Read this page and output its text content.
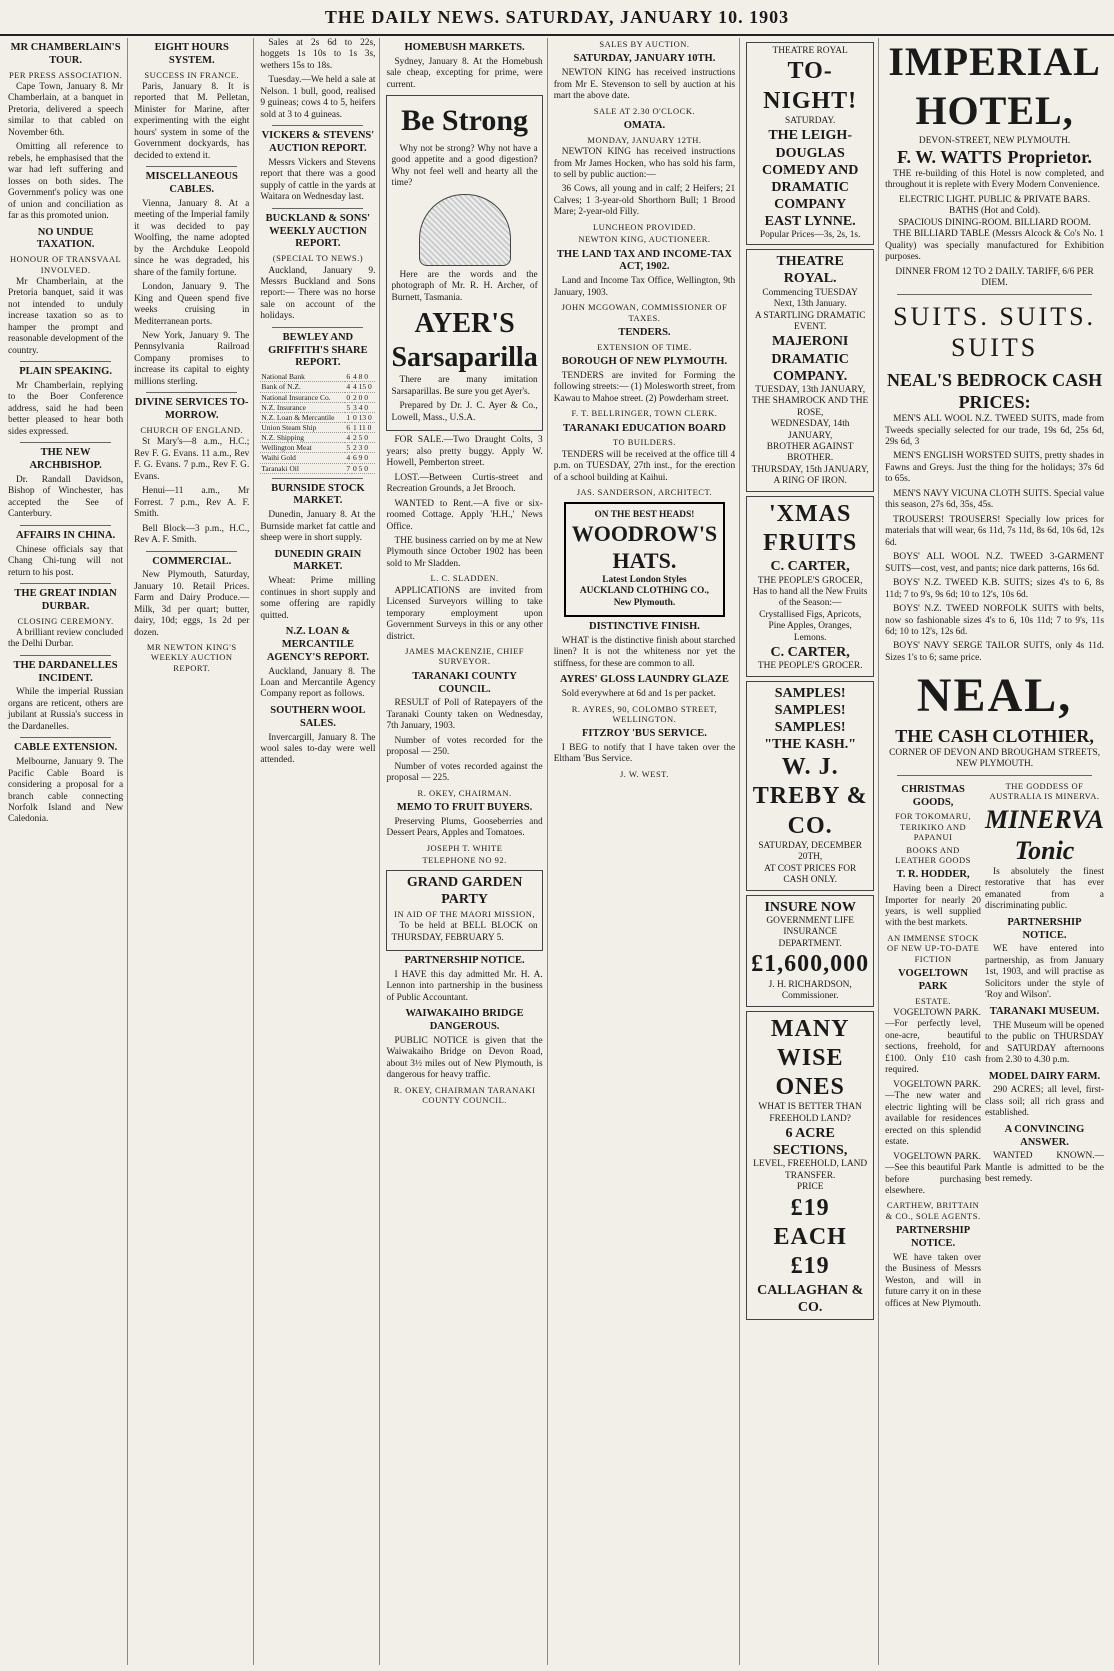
THE DAILY NEWS. SATURDAY, JANUARY 10. 1903
MR CHAMBERLAIN'S TOUR.
PER PRESS ASSOCIATION.

Cape Town, January 8. Mr Chamberlain, at a banquet in Pretoria, delivered a speech similar to that cabled on November 6th.

Omitting all reference to rebels, he emphasised that the war had left suffering and losses on both sides. The Government's policy was one of union and conciliation as far as this promoted union.

NO UNDUE TAXATION.
HONOUR OF TRANSVAAL INVOLVED.

Mr Chamberlain, at the Pretoria banquet, said it was not intended to unduly increase taxation so as to hamper the prompt and reasonable development of the country.

PLAIN SPEAKING.

Mr Chamberlain, replying to the Boer Conference address, said he had been better pleased to hear both sides expressed.

THE NEW ARCHBISHOP.

Dr. Randall Davidson, Bishop of Winchester, has accepted the See of Canterbury.

AFFAIRS IN CHINA.

Chinese officials say that Chang Chi-tung will not return to his post.

THE GREAT INDIAN DURBAR.
CLOSING CEREMONY.

A brilliant review concluded the Delhi Durbar.

THE DARDANELLES INCIDENT.

While the imperial Russian organs are reticent, others are jubilant at Russia's success in the Dardanelles.

CABLE EXTENSION.

Melbourne, January 9. The Pacific Cable Board is considering a proposal for a branch cable connecting Norfolk Island and New Caledonia.

EIGHT HOURS SYSTEM.
SUCCESS IN FRANCE.

Paris, January 8. It is reported that M. Pelletan, Minister for Marine, after experimenting with the eight hours' system in some of the Government dockyards, has decided to extend it.

MISCELLANEOUS CABLES.

Vienna, January 8. At a meeting of the Imperial family it was decided to pay Woolfing, the name adopted by the Archduke Leopold since he was degraded, his share of the family fortune.

London, January 9. The King and Queen spend five weeks cruising in Mediterranean ports.

New York, January 9. The Pennsylvania Railroad Company promises to increase its capital to eighty millions sterling.

DIVINE SERVICES TO-MORROW.
CHURCH OF ENGLAND.

St Mary's—8 a.m., H.C.; Rev F. G. Evans. 11 a.m., Rev F. G. Evans. 7 p.m., Rev F. G. Evans.

Henui—11 a.m., Mr Forrest. 7 p.m., Rev A. F. Smith.

Bell Block—3 p.m., H.C., Rev A. F. Smith.

COMMERCIAL.

New Plymouth, Saturday, January 10. Retail Prices. Farm and Dairy Produce.—Milk, 3d per quart; butter, dairy, 10d; eggs, 1s 2d per dozen.

MR NEWTON KING'S WEEKLY AUCTION REPORT.

Sales at 2s 6d to 22s, hoggets 1s 10s to 1s 3s, wethers 15s to 18s.

Tuesday.—We held a sale at Nelson. 1 bull, good, realised 9 guineas; cows 4 to 5, heifers sold at 3 to 4 guineas.

VICKERS & STEVENS' AUCTION REPORT.

Messrs Vickers and Stevens report that there was a good supply of cattle in the yards at Waitara on Wednesday last.

BUCKLAND & SONS' WEEKLY AUCTION REPORT.
(SPECIAL TO NEWS.)

Auckland, January 9. Messrs Buckland and Sons report:— There was no horse sale on account of the holidays.

BEWLEY AND GRIFFITH'S SHARE REPORT.
National Bank	6	4 8 0
Bank of N.Z.	4	4 15 0
National Insurance Co.	0	2 0 0
N.Z. Insurance	5	3 4 0
N.Z. Loan & Mercantile	1	0 13 0
Union Steam Ship	6	1 11 0
N.Z. Shipping	4	2 5 0
Wellington Meat	5	2 3 0
Waihi Gold	4	6 9 0
Taranaki Oil	7	0 5 0
BURNSIDE STOCK MARKET.

Dunedin, January 8. At the Burnside market fat cattle and sheep were in short supply.

DUNEDIN GRAIN MARKET.

Wheat: Prime milling continues in short supply and some offering are rapidly quitted.

N.Z. LOAN & MERCANTILE AGENCY'S REPORT.

Auckland, January 8. The Loan and Mercantile Agency Company report as follows.

SOUTHERN WOOL SALES.

Invercargill, January 8. The wool sales to-day were well attended.

HOMEBUSH MARKETS.

Sydney, January 8. At the Homebush sale cheap, excepting for prime, were current.

Be Strong

Why not be strong? Why not have a good appetite and a good digestion? Why not feel well and hearty all the time?

Here are the words and the photograph of Mr. R. H. Archer, of Burnett, Tasmania.

AYER'S
Sarsaparilla

There are many imitation Sarsaparillas. Be sure you get Ayer's.

Prepared by Dr. J. C. Ayer & Co., Lowell, Mass., U.S.A.

FOR SALE.—Two Draught Colts, 3 years; also pretty buggy. Apply W. Howell, Pemberton street.

LOST.—Between Curtis-street and Recreation Grounds, a Jet Brooch.

WANTED to Rent.—A five or six-roomed Cottage. Apply 'H.H.,' News Office.

THE business carried on by me at New Plymouth since October 1902 has been sold to Mr Sladden.

L. C. SLADDEN.

APPLICATIONS are invited from Licensed Surveyors willing to take temporary employment upon Government Surveys in this or any other district.

JAMES MACKENZIE, CHIEF SURVEYOR.
TARANAKI COUNTY COUNCIL.

RESULT of Poll of Ratepayers of the Taranaki County taken on Wednesday, 7th January, 1903.

Number of votes recorded for the proposal — 250.

Number of votes recorded against the proposal — 225.

R. OKEY, CHAIRMAN.
MEMO TO FRUIT BUYERS.

Preserving Plums, Gooseberries and Dessert Pears, Apples and Tomatoes.

JOSEPH T. WHITE
TELEPHONE NO 92.
GRAND GARDEN PARTY
IN AID OF THE MAORI MISSION,

To be held at BELL BLOCK on THURSDAY, FEBRUARY 5.

PARTNERSHIP NOTICE.

I HAVE this day admitted Mr. H. A. Lennon into partnership in the business of Public Accountant.

WAIWAKAIHO BRIDGE DANGEROUS.

PUBLIC NOTICE is given that the Waiwakaiho Bridge on Devon Road, about 3½ miles out of New Plymouth, is dangerous for heavy traffic.

R. OKEY, CHAIRMAN TARANAKI COUNTY COUNCIL.
SALES BY AUCTION.
SATURDAY, JANUARY 10TH.

NEWTON KING has received instructions from Mr E. Stevenson to sell by auction at his mart the above date.

SALE AT 2.30 O'CLOCK.
OMATA.
MONDAY, JANUARY 12TH.

NEWTON KING has received instructions from Mr James Hocken, who has sold his farm, to sell by public auction:—

36 Cows, all young and in calf; 2 Heifers; 21 Calves; 1 3-year-old Shorthorn Bull; 1 Brood Mare; 2-year-old Filly.

LUNCHEON PROVIDED.
NEWTON KING, AUCTIONEER.
THE LAND TAX AND INCOME-TAX ACT, 1902.

Land and Income Tax Office, Wellington, 9th January, 1903.

JOHN MCGOWAN, COMMISSIONER OF TAXES.
TENDERS.
EXTENSION OF TIME.
BOROUGH OF NEW PLYMOUTH.

TENDERS are invited for Forming the following streets:— (1) Molesworth street, from Kawau to Mahoe street. (2) Powderham street.

F. T. BELLRINGER, TOWN CLERK.
TARANAKI EDUCATION BOARD
TO BUILDERS.

TENDERS will be received at the office till 4 p.m. on TUESDAY, 27th inst., for the erection of a school building at Kaihui.

JAS. SANDERSON, ARCHITECT.
ON THE BEST HEADS!
WOODROW'S HATS.
Latest London Styles
AUCKLAND CLOTHING CO., New Plymouth.
DISTINCTIVE FINISH.

WHAT is the distinctive finish about starched linen? It is not the whiteness nor yet the stiffness, for these are common to all.

AYRES' GLOSS LAUNDRY GLAZE

Sold everywhere at 6d and 1s per packet.

R. AYRES, 90, COLOMBO STREET, WELLINGTON.
FITZROY 'BUS SERVICE.

I BEG to notify that I have taken over the Eltham 'Bus Service.

J. W. WEST.
THEATRE ROYAL
TO-NIGHT!
SATURDAY.
THE LEIGH-DOUGLAS COMEDY AND DRAMATIC COMPANY
EAST LYNNE.
Popular Prices—3s, 2s, 1s.
THEATRE ROYAL.
Commencing TUESDAY Next, 13th January.
A STARTLING DRAMATIC EVENT.
MAJERONI DRAMATIC COMPANY.
TUESDAY, 13th JANUARY,
THE SHAMROCK AND THE ROSE,
WEDNESDAY, 14th JANUARY,
BROTHER AGAINST BROTHER.
THURSDAY, 15th JANUARY,
A RING OF IRON.
'XMAS FRUITS
C. CARTER,
THE PEOPLE'S GROCER,
Has to hand all the New Fruits of the Season:—
Crystallised Figs, Apricots, Pine Apples, Oranges, Lemons.
C. CARTER,
THE PEOPLE'S GROCER.
SAMPLES! SAMPLES! SAMPLES!
"THE KASH."
W. J. TREBY & CO.
SATURDAY, DECEMBER 20TH,
AT COST PRICES FOR CASH ONLY.
INSURE NOW
GOVERNMENT LIFE INSURANCE DEPARTMENT.
£1,600,000
J. H. RICHARDSON, Commissioner.
MANY
WISE ONES
WHAT IS BETTER THAN FREEHOLD LAND?
6 ACRE SECTIONS,
LEVEL, FREEHOLD, LAND TRANSFER.
PRICE
£19 EACH £19
CALLAGHAN & CO.
IMPERIAL HOTEL,
DEVON-STREET, NEW PLYMOUTH.
F. W. WATTS Proprietor.

THE re-building of this Hotel is now completed, and throughout it is replete with Every Modern Convenience.

ELECTRIC LIGHT. PUBLIC & PRIVATE BARS.
BATHS (Hot and Cold).
SPACIOUS DINING-ROOM. BILLIARD ROOM.

THE BILLIARD TABLE (Messrs Alcock & Co's No. 1 Quality) was specially manufactured for Exhibition purposes.

DINNER FROM 12 TO 2 DAILY. TARIFF, 6/6 PER DIEM.
SUITS. SUITS. SUITS
NEAL'S BEDROCK CASH PRICES:

MEN'S ALL WOOL N.Z. TWEED SUITS, made from Tweeds specially selected for our trade, 19s 6d, 25s 6d, 29s 6d, 3

MEN'S ENGLISH WORSTED SUITS, pretty shades in Fawns and Greys. Just the thing for the holidays; 37s 6d to 65s.

MEN'S NAVY VICUNA CLOTH SUITS. Special value this season, 27s 6d, 35s, 45s.

TROUSERS! TROUSERS! Specially low prices for materials that will wear, 6s 11d, 7s 11d, 8s 6d, 10s 6d, 12s 6d.

BOYS' ALL WOOL N.Z. TWEED 3-GARMENT SUITS—cost, vest, and pants; nice dark patterns, 16s 6d.

BOYS' N.Z. TWEED K.B. SUITS; sizes 4's to 6, 8s 11d; 7 to 9's, 9s 6d; 10 to 12's, 10s 6d.

BOYS' N.Z. TWEED NORFOLK SUITS with belts, now so fashionable sizes 4's to 6, 10s 11d; 7 to 9's, 11s 6d; 10 to 12's, 12s 6d.

BOYS' NAVY SERGE TAILOR SUITS, only 4s 11d. Sizes 1's to 6; same price.

NEAL,
THE CASH CLOTHIER,
CORNER OF DEVON AND BROUGHAM STREETS, NEW PLYMOUTH.
CHRISTMAS GOODS,
FOR TOKOMARU, TERIKIKO AND PAPANUI
BOOKS AND LEATHER GOODS
T. R. HODDER,

Having been a Direct Importer for nearly 20 years, is well supplied with the best markets.

AN IMMENSE STOCK OF NEW UP-TO-DATE FICTION
VOGELTOWN PARK
ESTATE.

VOGELTOWN PARK.—For perfectly level, one-acre, beautiful sections, freehold, for £100. Only £10 cash required.

VOGELTOWN PARK.—The new water and electric lighting will be available for residences erected on this splendid estate.

VOGELTOWN PARK.—See this beautiful Park before purchasing elsewhere.

CARTHEW, BRITTAIN & CO., SOLE AGENTS.
PARTNERSHIP NOTICE.

WE have taken over the Business of Messrs Weston, and will in future carry it on in these offices at New Plymouth.

THE GODDESS OF AUSTRALIA IS MINERVA.
MINERVA
Tonic

Is absolutely the finest restorative that has ever emanated from a discriminating public.

PARTNERSHIP NOTICE.

WE have entered into partnership, as from January 1st, 1903, and will practise as Solicitors under the style of 'Roy and Wilson'.

TARANAKI MUSEUM.

THE Museum will be opened to the public on THURSDAY and SATURDAY afternoons from 2.30 to 4.30 p.m.

MODEL DAIRY FARM.

290 ACRES; all level, first-class soil; all rich grass and established.

A CONVINCING ANSWER.

WANTED KNOWN.—Mantle is admitted to be the best remedy.
